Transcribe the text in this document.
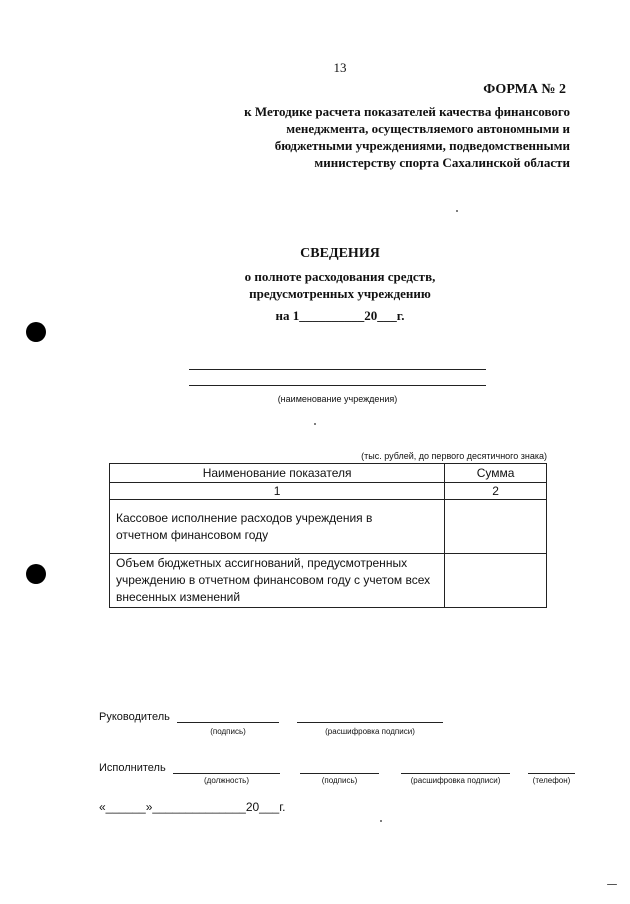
13
ФОРМА № 2
к Методике расчета показателей качества финансового
менеджмента, осуществляемого автономными и
бюджетными учреждениями, подведомственными
министерству спорта Сахалинской области
СВЕДЕНИЯ
о полноте расходования средств,
предусмотренных учреждению
на 1__________20___г.
(наименование учреждения)
(тыс. рублей, до первого десятичного знака)
Наименование показателя	Сумма
1	2
Кассовое исполнение расходов учреждения в отчетном финансовом году	
Объем бюджетных ассигнований, предусмотренных учреждению в отчетном финансовом году с учетом всех внесенных изменений	
Руководитель
(подпись)	(расшифровка подписи)
Исполнитель
(должность)	(подпись)	(расшифровка подписи)	(телефон)
«______»______________20___г.
